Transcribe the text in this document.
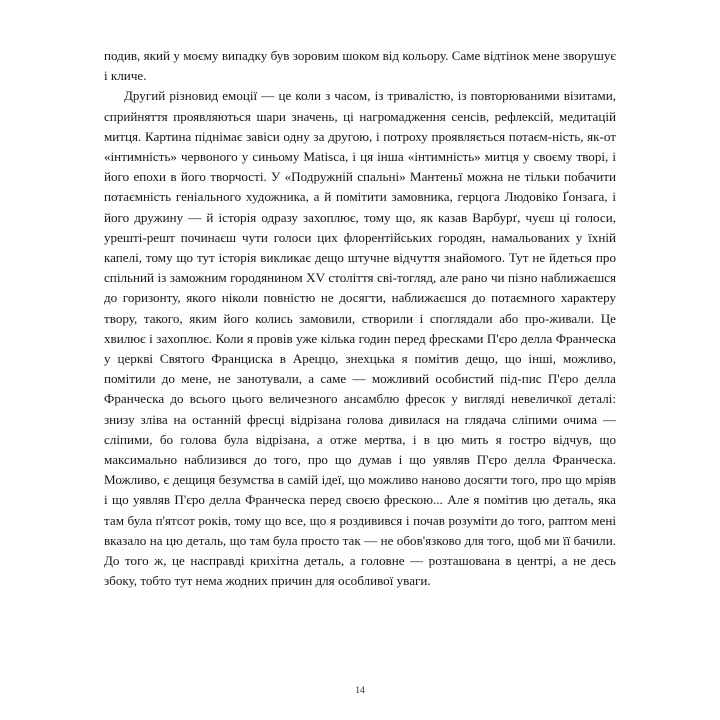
подив, який у моєму випадку був зоровим шоком від кольору. Саме відтінок мене зворушує і кличе.

Другий різновид емоції — це коли з часом, із тривалістю, із повторюваними візитами, сприйняття проявляються шари значень, ці нагромадження сенсів, рефлексій, медитацій митця. Картина піднімає завіси одну за другою, і потроху проявляється потаєм-ність, як-от «інтимність» червоного у синьому Matisса, і ця інша «інтимність» митця у своєму творі, і його епохи в його творчості. У «Подружній спальні» Мантеньї можна не тільки побачити потаємність геніального художника, а й помітити замовника, герцога Людовіко Ґонзага, і його дружину — й історія одразу захоплює, тому що, як казав Варбурґ, чуєш ці голоси, урешті-решт починаєш чути голоси цих флорентійських городян, намальованих у їхній капелі, тому що тут історія викликає дещо штучне відчуття знайомого. Тут не йдеться про спільний із заможним городянином XV століття сві-тогляд, але рано чи пізно наближаєшся до горизонту, якого ніколи повністю не досягти, наближаєшся до потаємного характеру твору, такого, яким його колись замовили, створили і споглядали або про-живали. Це хвилює і захоплює. Коли я провів уже кілька годин перед фресками П'єро делла Франческа у церкві Святого Франциска в Ареццо, знехцька я помітив дещо, що інші, можливо, помітили до мене, не занотували, а саме — можливий особистий під-пис П'єро делла Франческа до всього цього величезного ансамблю фресок у вигляді невеличкої деталі: знизу зліва на останній фресці відрізана голова дивилася на глядача сліпими очима — сліпими, бо голова була відрізана, а отже мертва, і в цю мить я гостро відчув, що максимально наблизився до того, про що думав і що уявляв П'єро делла Франческа. Можливо, є дещиця безумства в самій ідеї, що можливо наново досягти того, про що мріяв і що уявляв П'єро делла Франческа перед своєю фрескою... Але я помітив цю деталь, яка там була п'ятсот років, тому що все, що я роздивився і почав розуміти до того, раптом мені вказало на цю деталь, що там була просто так — не обов'язково для того, щоб ми її бачили. До того ж, це насправді крихітна деталь, а головне — розташована в центрі, а не десь збоку, тобто тут нема жодних причин для особливої уваги.

14
